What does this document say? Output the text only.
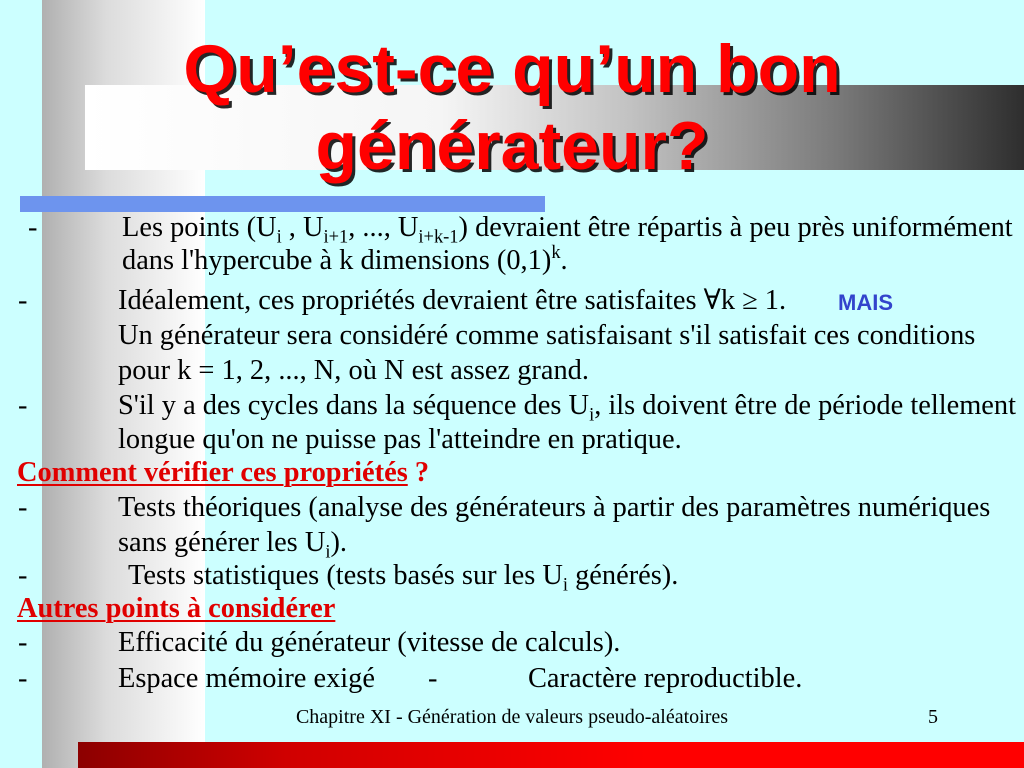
Qu’est-ce qu’un bon
générateur?
-	Les points ($U_i$ , $U_{i+1}$, ..., $U_{i+k-1}$) devraient être répartis à peu près uniformément
dans l'hypercube à k dimensions $(0,1)^k$.
-	Idéalement, ces propriétés devraient être satisfaites ∀k ≥ 1. MAIS
Un générateur sera considéré comme satisfaisant s'il satisfait ces conditions
pour k = 1, 2, ..., N, où N est assez grand.
-	S'il y a des cycles dans la séquence des $U_i$, ils doivent être de période tellement
longue qu'on ne puisse pas l'atteindre en pratique.
Comment vérifier ces propriétés ?
-	Tests théoriques (analyse des générateurs à partir des paramètres numériques
sans générer les $U_i$).
-	Tests statistiques (tests basés sur les $U_i$ générés).
Autres points à considérer
-	Efficacité du générateur (vitesse de calculs).
-	Espace mémoire exigé -	Caractère reproductible.
Chapitre XI - Génération de valeurs pseudo-aléatoires	5
